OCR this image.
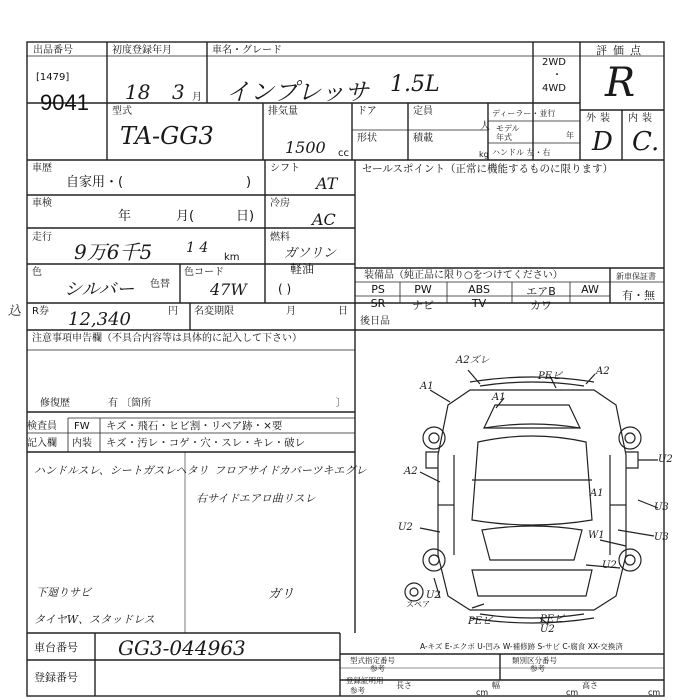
出品番号
[1479]
9041
初度登録年月
18 3 月
車名・グレード
インプレッサ 1.5L
2WD
・
4WD
評価点
R
外装 内装
D C.
型式
TA-GG3
排気量
1500 cc
ドア	定員
人
形状	積載
kg
ディーラー・並行
モデル
年式	年
ハンドル 左・右
車歴
自家用・(	)
シフト
AT
車検
年	月(	日)
冷房
AC
走行
9万6千5 1 4
km
燃料
ガソリン
軽油
( )
色
シルバー 色替
色コード
47W
セールスポイント（正常に機能するものに限ります）
装備品（純正品に限り○をつけてください）	新車保証書
有・無
PS	PW	ABS	エアB	AW
SR	ナビ	TV	カワ
込 R券 12,340	円 名変期限	月	日
後日品
注意事項申告欄（不具合内容等は具体的に記入して下さい）
修復歴	有 〔箇所	〕
検査員
記入欄
FW キズ・飛石・ヒビ割・リペア跡・×要
内装 キズ・汚レ・コゲ・穴・スレ・キレ・破レ
ハンドルスレ、シートガスレヘタリ フロアサイドカバーツキエグレ
右サイドエアロ曲リスレ
下廻りサビ
タイヤW、スタッドレス
ガリ
A2ズレ
A1
PEビ	A2
A1
U2
A2
A1
U3
U3
W1
U2
U2
U2
PEビ	PEビ
U2
スペア
A-キズ E-エクボ U-凹み W-補修跡 S-サビ C-腐食 XX-交換済
車台番号 GG3-044963
登録番号
型式指定番号
参考
類別区分番号
参考
登録証明用
参考
長さ
cm
幅
cm
高さ
cm
